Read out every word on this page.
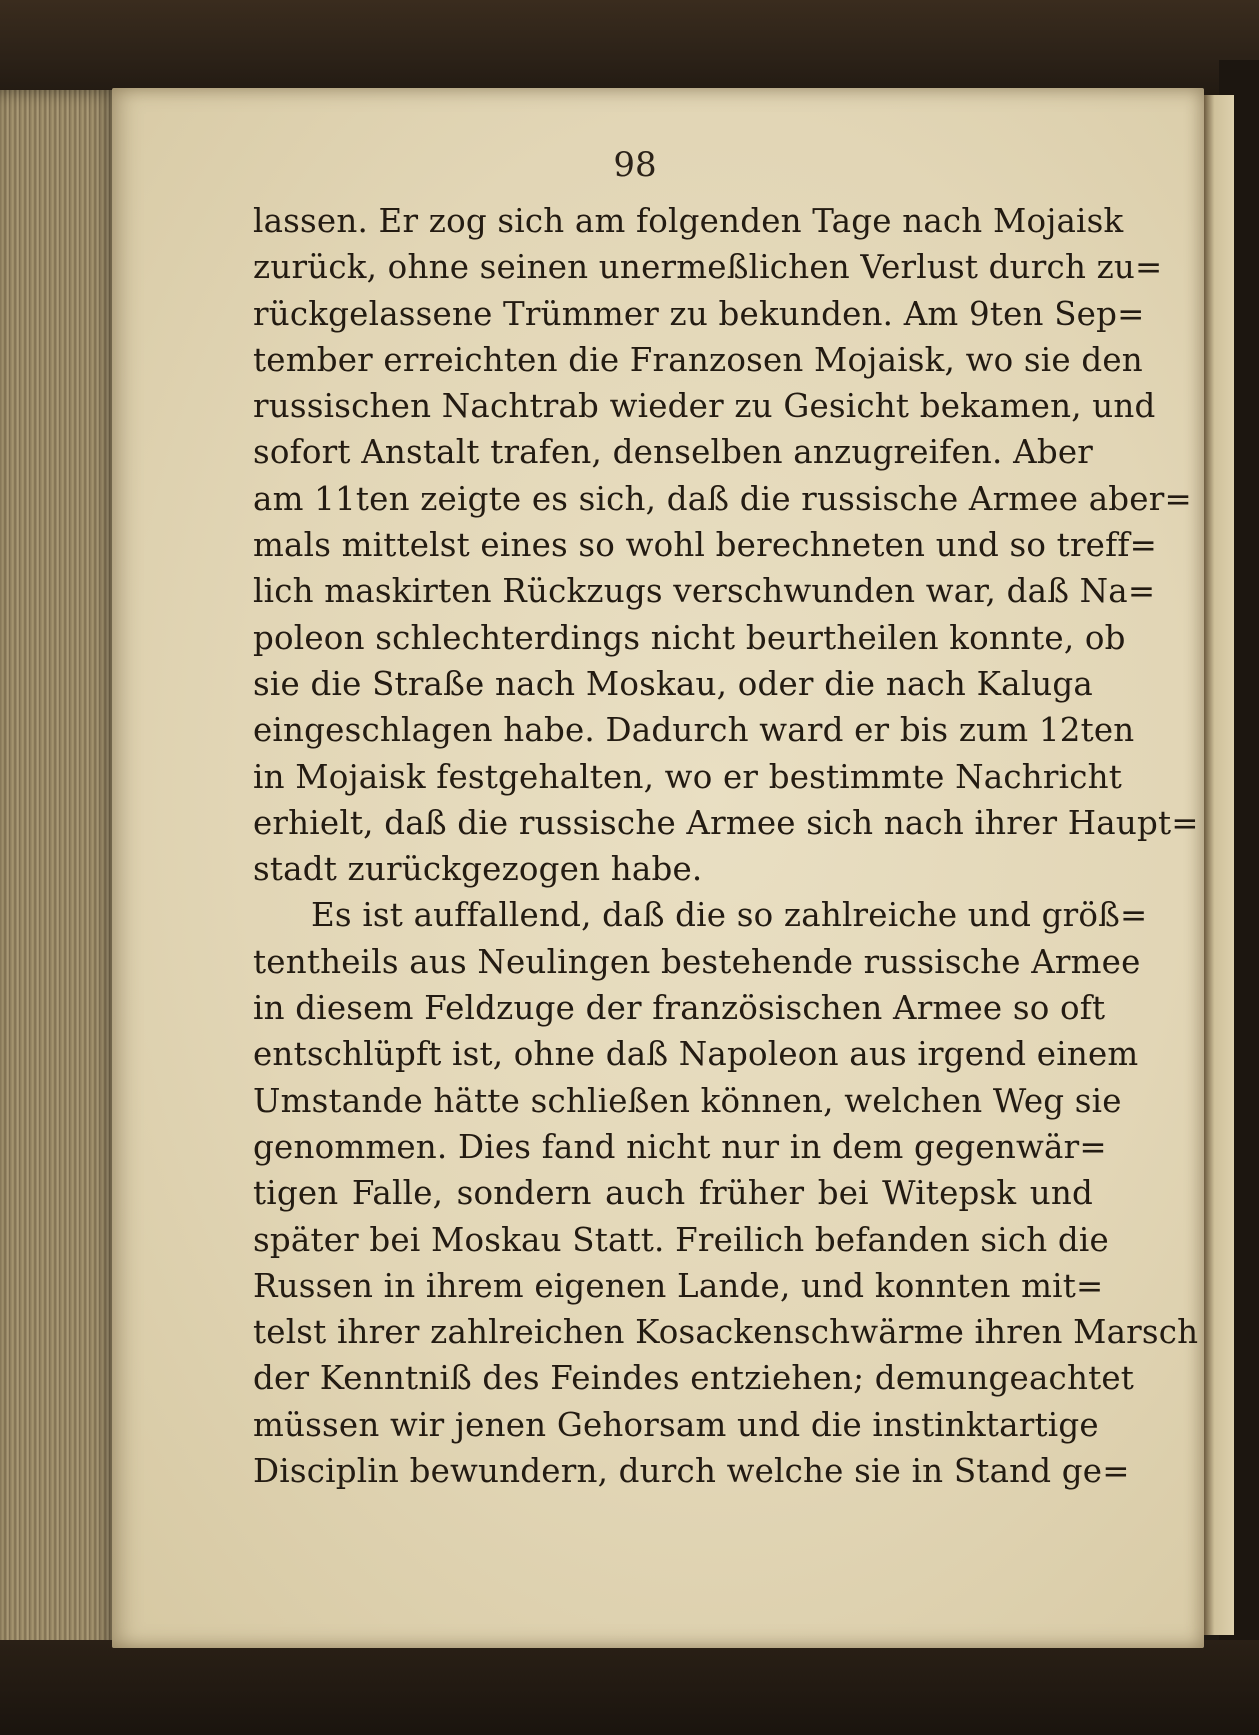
98
lassen. Er zog sich am folgenden Tage nach Mojaisk
zurück, ohne seinen unermeßlichen Verlust durch zu=
rückgelassene Trümmer zu bekunden. Am 9ten Sep=
tember erreichten die Franzosen Mojaisk, wo sie den
russischen Nachtrab wieder zu Gesicht bekamen, und
sofort Anstalt trafen, denselben anzugreifen. Aber
am 11ten zeigte es sich, daß die russische Armee aber=
mals mittelst eines so wohl berechneten und so treff=
lich maskirten Rückzugs verschwunden war, daß Na=
poleon schlechterdings nicht beurtheilen konnte, ob
sie die Straße nach Moskau, oder die nach Kaluga
eingeschlagen habe. Dadurch ward er bis zum 12ten
in Mojaisk festgehalten, wo er bestimmte Nachricht
erhielt, daß die russische Armee sich nach ihrer Haupt=
stadt zurückgezogen habe.
Es ist auffallend, daß die so zahlreiche und größ=
tentheils aus Neulingen bestehende russische Armee
in diesem Feldzuge der französischen Armee so oft
entschlüpft ist, ohne daß Napoleon aus irgend einem
Umstande hätte schließen können, welchen Weg sie
genommen. Dies fand nicht nur in dem gegenwär=
tigen Falle, sondern auch früher bei Witepsk und
später bei Moskau Statt. Freilich befanden sich die
Russen in ihrem eigenen Lande, und konnten mit=
telst ihrer zahlreichen Kosackenschwärme ihren Marsch
der Kenntniß des Feindes entziehen; demungeachtet
müssen wir jenen Gehorsam und die instinktartige
Disciplin bewundern, durch welche sie in Stand ge=
